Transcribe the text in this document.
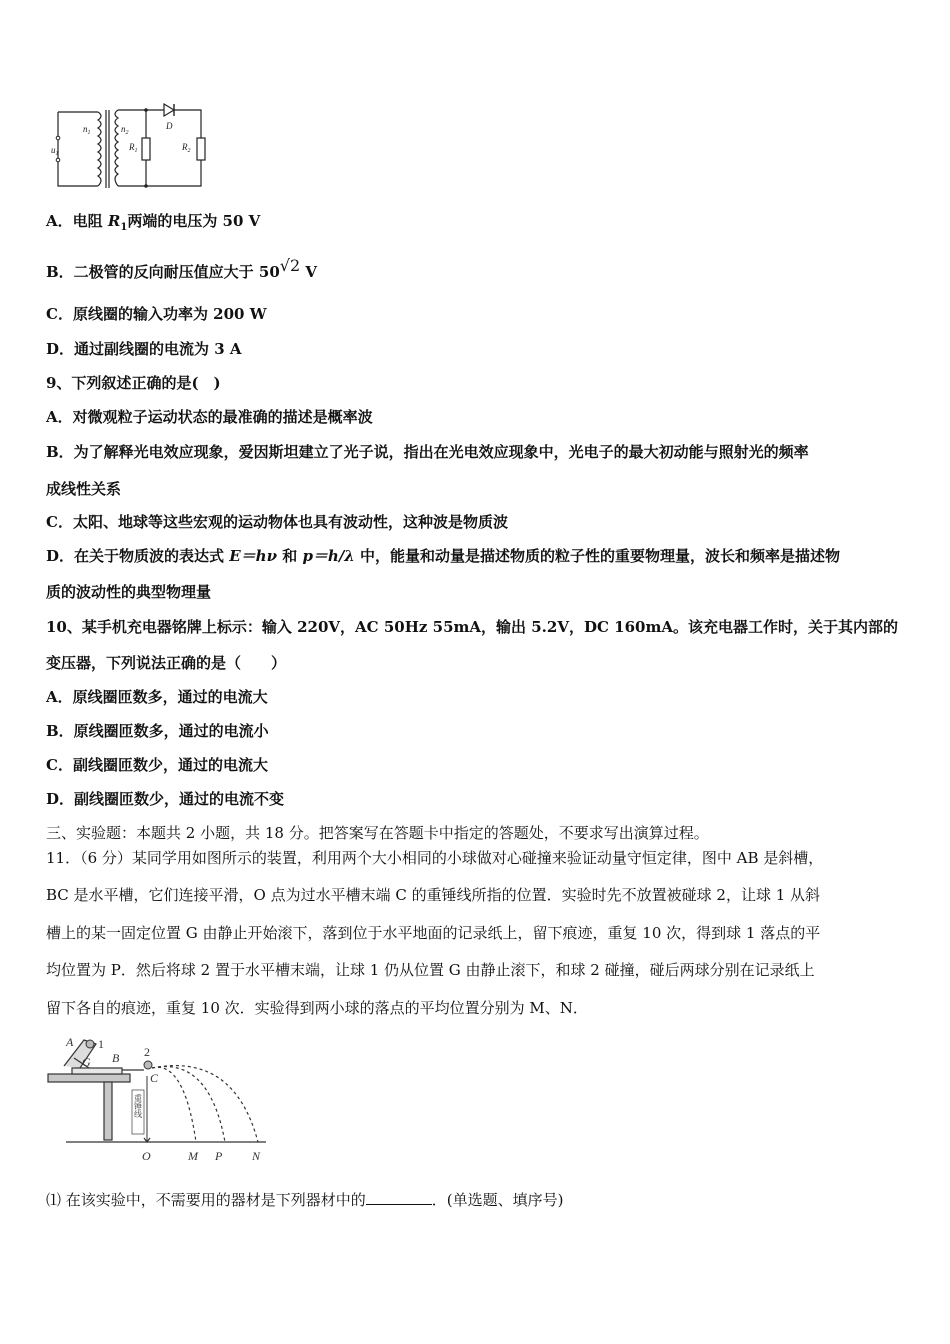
$u_1$
$n_1$	$n_2$
$R_1$	$R_2$
D
A．电阻 $R_1$两端的电压为 50 V
B．二极管的反向耐压值应大于 $50^{√2}$ V
C．原线圈的输入功率为 200 W
D．通过副线圈的电流为 3 A
9、下列叙述正确的是(　)
A．对微观粒子运动状态的最准确的描述是概率波
B．为了解释光电效应现象，爱因斯坦建立了光子说，指出在光电效应现象中，光电子的最大初动能与照射光的频率
成线性关系
C．太阳、地球等这些宏观的运动物体也具有波动性，这种波是物质波
D．在关于物质波的表达式 E＝hν 和 p＝h/λ 中，能量和动量是描述物质的粒子性的重要物理量，波长和频率是描述物
质的波动性的典型物理量
10、某手机充电器铭牌上标示：输入 220V，AC 50Hz 55mA，输出 5.2V，DC 160mA。该充电器工作时，关于其内部的
变压器，下列说法正确的是（　　）
A．原线圈匝数多，通过的电流大
B．原线圈匝数多，通过的电流小
C．副线圈匝数少，通过的电流大
D．副线圈匝数少，通过的电流不变
三、实验题：本题共 2 小题，共 18 分。把答案写在答题卡中指定的答题处，不要求写出演算过程。
11．（6 分）某同学用如图所示的装置，利用两个大小相同的小球做对心碰撞来验证动量守恒定律，图中 AB 是斜槽，
BC 是水平槽，它们连接平滑，O 点为过水平槽末端 C 的重锤线所指的位置．实验时先不放置被碰球 2，让球 1 从斜
槽上的某一固定位置 G 由静止开始滚下，落到位于水平地面的记录纸上，留下痕迹，重复 10 次，得到球 1 落点的平
均位置为 P．然后将球 2 置于水平槽末端，让球 1 仍从位置 G 由静止滚下，和球 2 碰撞，碰后两球分别在记录纸上
留下各自的痕迹，重复 10 次．实验得到两小球的落点的平均位置分别为 M、N．
A 1
G B 2
C
O	M P N
重锤线
⑴ 在该实验中，不需要用的器材是下列器材中的	．(单选题、填序号)
